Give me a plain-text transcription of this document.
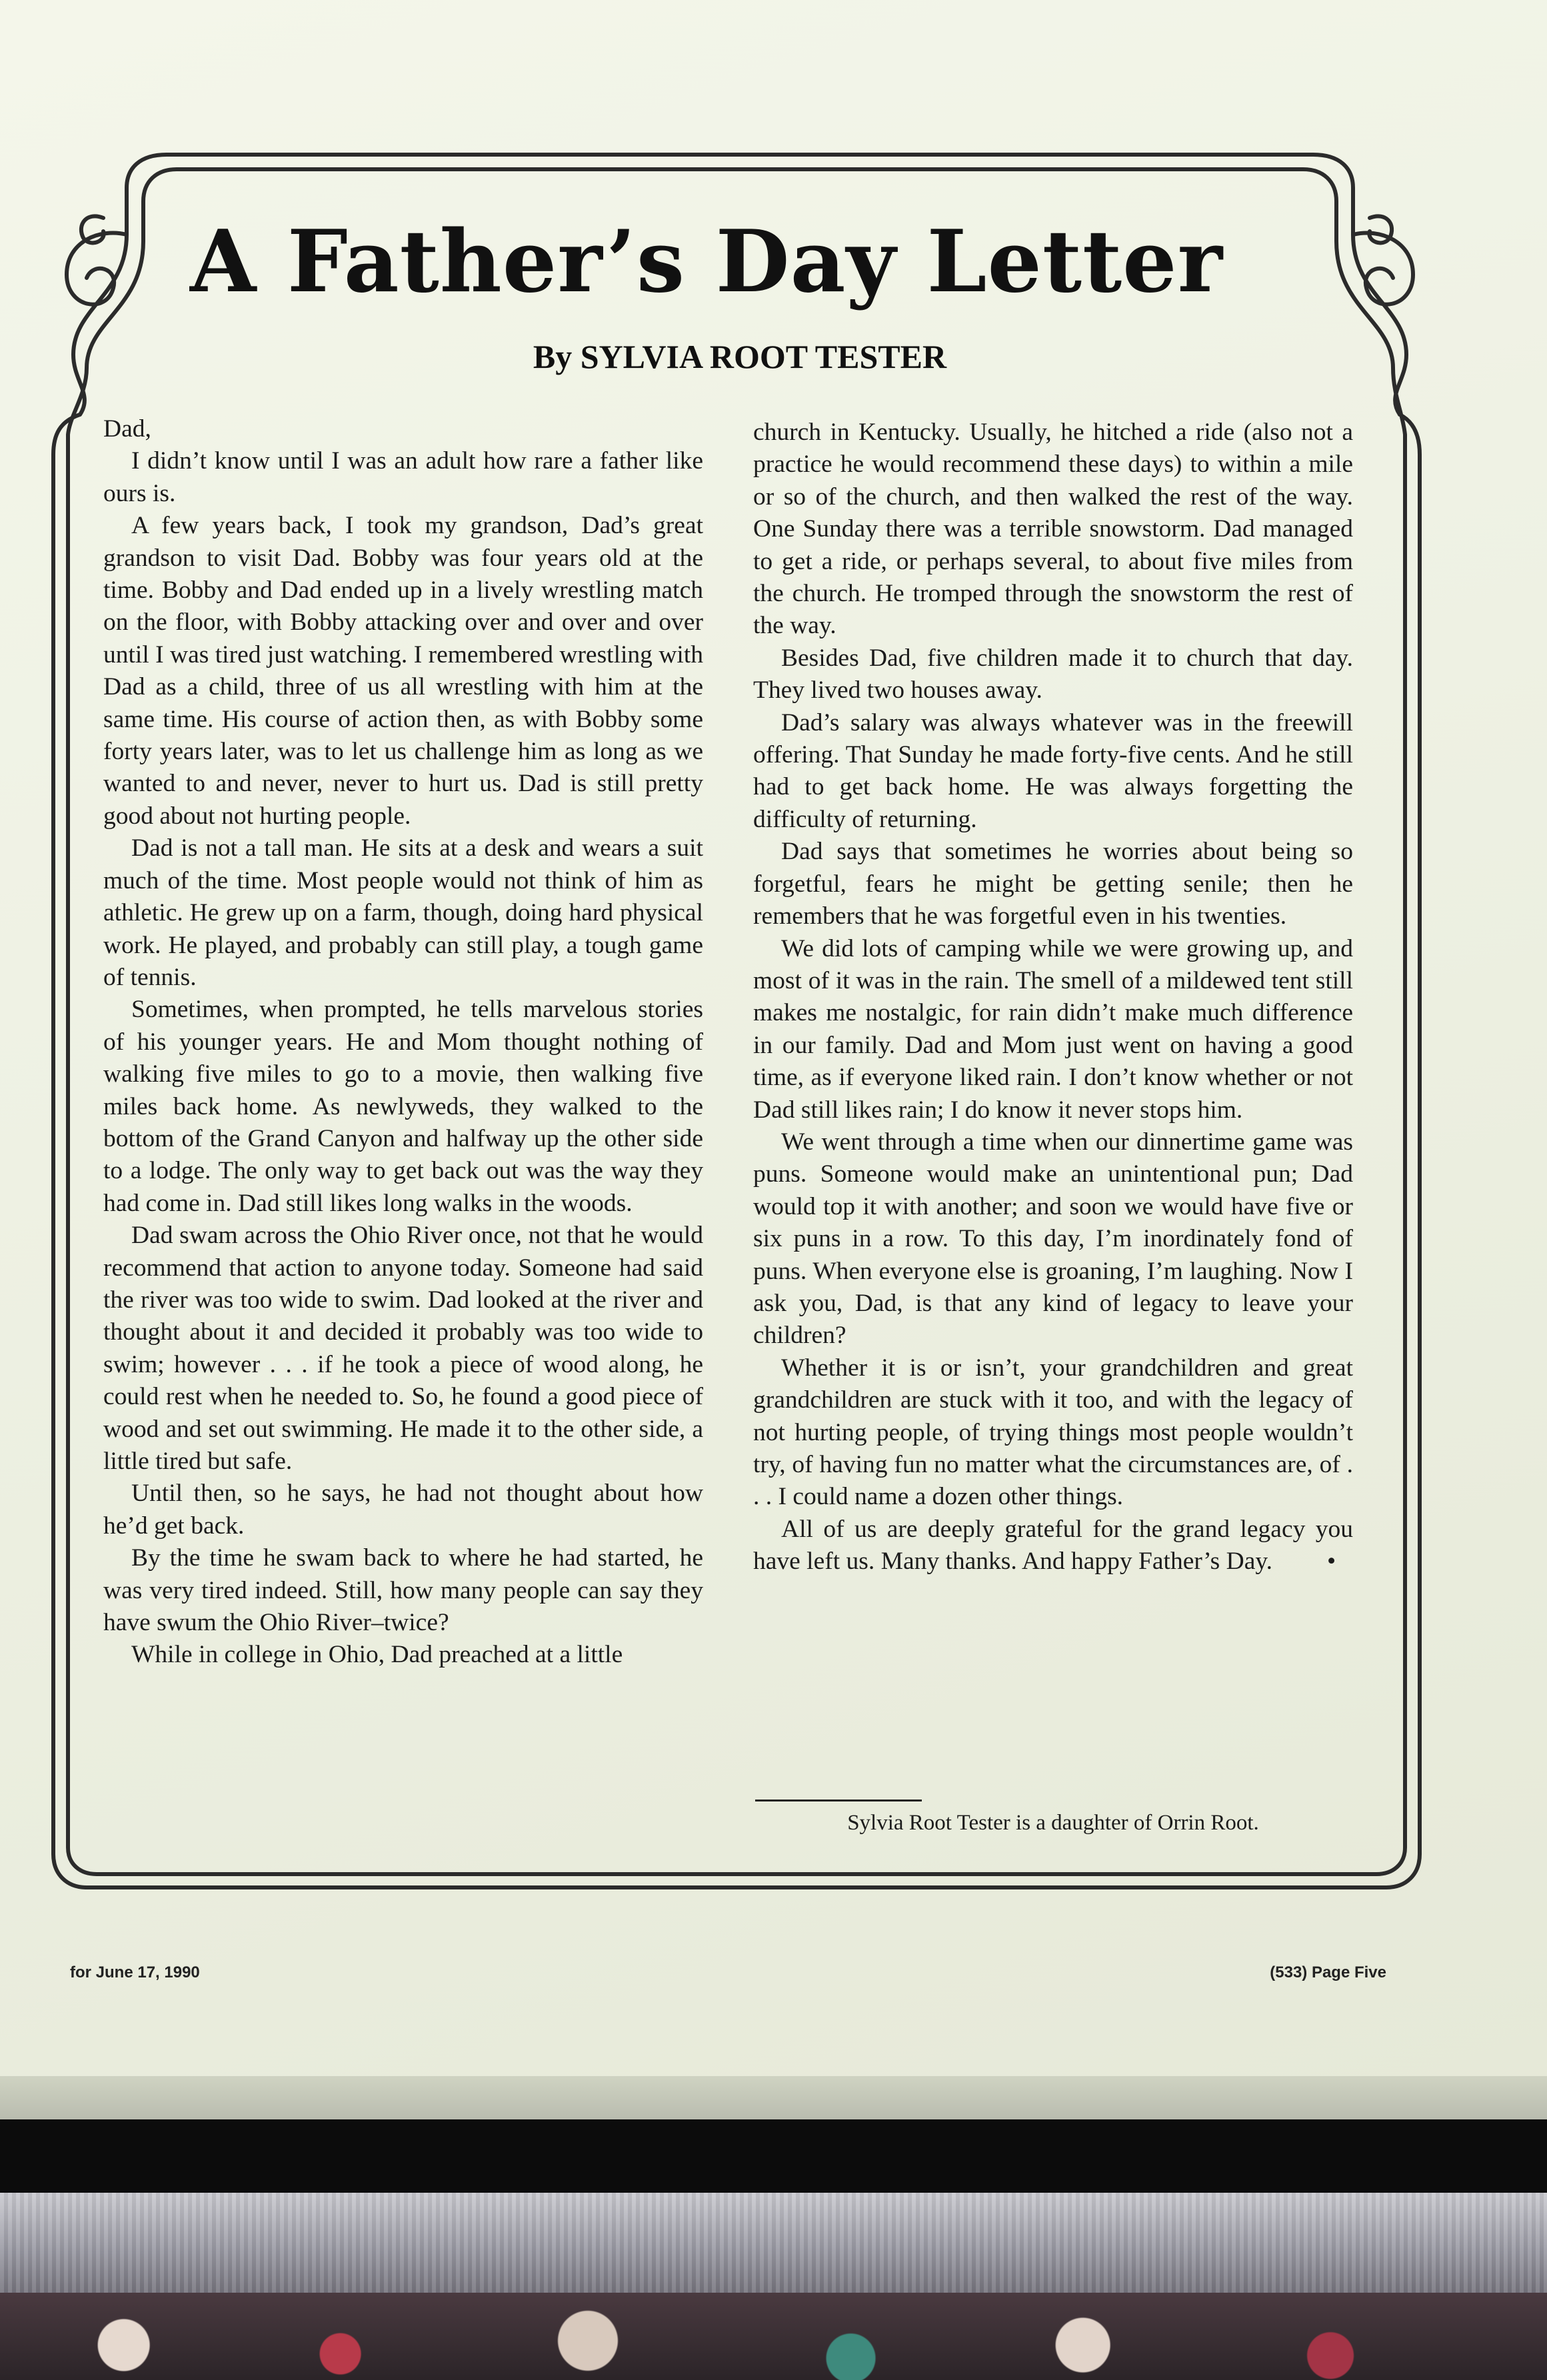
A Father’s Day Letter
By SYLVIA ROOT TESTER

Dad,

I didn’t know until I was an adult how rare a father like ours is.

A few years back, I took my grandson, Dad’s great grandson to visit Dad. Bobby was four years old at the time. Bobby and Dad ended up in a lively wrestling match on the floor, with Bobby attacking over and over and over until I was tired just watching. I remembered wrestling with Dad as a child, three of us all wrestling with him at the same time. His course of action then, as with Bobby some forty years later, was to let us challenge him as long as we wanted to and never, never to hurt us. Dad is still pretty good about not hurting people.

Dad is not a tall man. He sits at a desk and wears a suit much of the time. Most people would not think of him as athletic. He grew up on a farm, though, doing hard physical work. He played, and probably can still play, a tough game of tennis.

Sometimes, when prompted, he tells marvelous stories of his younger years. He and Mom thought nothing of walking five miles to go to a movie, then walking five miles back home. As newlyweds, they walked to the bottom of the Grand Canyon and halfway up the other side to a lodge. The only way to get back out was the way they had come in. Dad still likes long walks in the woods.

Dad swam across the Ohio River once, not that he would recommend that action to anyone today. Someone had said the river was too wide to swim. Dad looked at the river and thought about it and decided it probably was too wide to swim; however . . . if he took a piece of wood along, he could rest when he needed to. So, he found a good piece of wood and set out swimming. He made it to the other side, a little tired but safe.

Until then, so he says, he had not thought about how he’d get back.

By the time he swam back to where he had started, he was very tired indeed. Still, how many people can say they have swum the Ohio River–twice?

While in college in Ohio, Dad preached at a little

church in Kentucky. Usually, he hitched a ride (also not a practice he would recommend these days) to within a mile or so of the church, and then walked the rest of the way. One Sunday there was a terrible snowstorm. Dad managed to get a ride, or perhaps several, to about five miles from the church. He tromped through the snowstorm the rest of the way.

Besides Dad, five children made it to church that day. They lived two houses away.

Dad’s salary was always whatever was in the freewill offering. That Sunday he made forty-five cents. And he still had to get back home. He was always forgetting the difficulty of returning.

Dad says that sometimes he worries about being so forgetful, fears he might be getting senile; then he remembers that he was forgetful even in his twenties.

We did lots of camping while we were growing up, and most of it was in the rain. The smell of a mildewed tent still makes me nostalgic, for rain didn’t make much difference in our family. Dad and Mom just went on having a good time, as if everyone liked rain. I don’t know whether or not Dad still likes rain; I do know it never stops him.

We went through a time when our dinnertime game was puns. Someone would make an unintentional pun; Dad would top it with another; and soon we would have five or six puns in a row. To this day, I’m inordinately fond of puns. When everyone else is groaning, I’m laughing. Now I ask you, Dad, is that any kind of legacy to leave your children?

Whether it is or isn’t, your grandchildren and great grandchildren are stuck with it too, and with the legacy of not hurting people, of trying things most people wouldn’t try, of having fun no matter what the circumstances are, of . . . I could name a dozen other things.

All of us are deeply grateful for the grand legacy you have left us. Many thanks. And happy Father’s Day. •

Sylvia Root Tester is a daughter of Orrin Root.
for June 17, 1990	(533) Page Five
